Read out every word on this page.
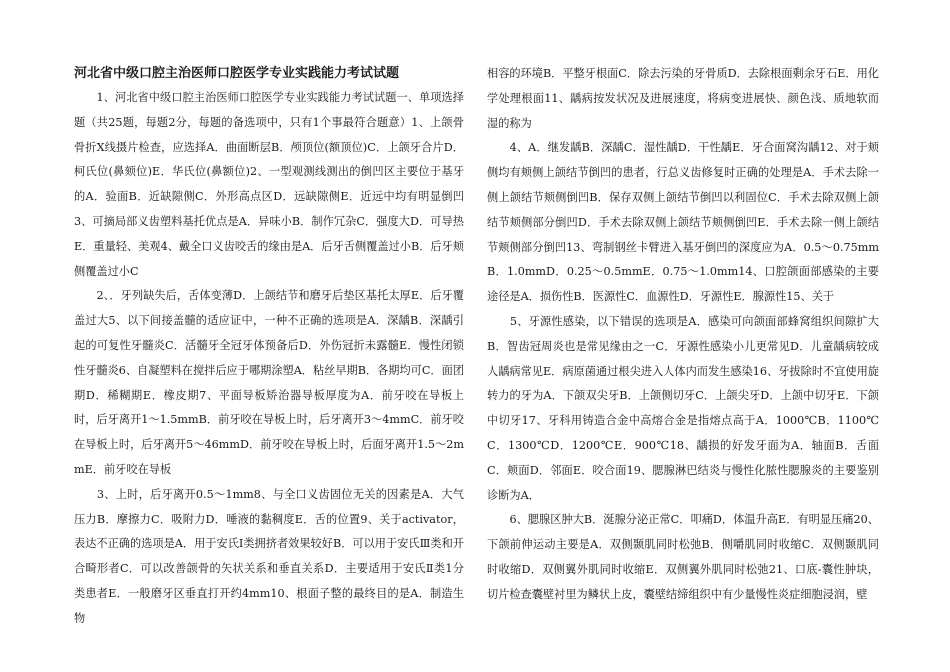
河北省中级口腔主治医师口腔医学专业实践能力考试试题

　　1、河北省中级口腔主治医师口腔医学专业实践能力考试试题一、单项选择题（共25题，每题2分，每题的备选项中，只有1个事最符合题意）1、上颌骨骨折X线摄片检查，应选择A．曲面断层B．颅顶位(额顶位)C．上颌牙合片D．柯氏位(鼻颏位)E．华氏位(鼻额位)2、一型观测线测出的倒凹区主要位于基牙的A．验面B．近缺隙侧C．外形高点区D．远缺隙侧E．近远中均有明显倒凹3、可摘局部义齿塑料基托优点是A．异味小B．制作冗杂C．强度大D．可导热E．重量轻、美观4、戴全口义齿咬舌的缘由是A．后牙舌侧覆盖过小B．后牙颊侧覆盖过小C

　　2、．牙列缺失后，舌体变薄D．上颌结节和磨牙后垫区基托太厚E．后牙覆盖过大5、以下间接盖髓的适应证中，一种不正确的选项是A．深龋B．深龋引起的可复性牙髓炎C．活髓牙全冠牙体预备后D．外伤冠折未露髓E．慢性闭锁性牙髓炎6、自凝塑料在搅拌后应于哪期涂塑A．粘丝早期B．各期均可C．面团期D．稀糊期E．橡皮期7、平面导板矫治器导板厚度为A．前牙咬在导板上时，后牙离开1～1.5mmB．前牙咬在导板上时，后牙离开3～4mmC．前牙咬在导板上时，后牙离开5～46mmD．前牙咬在导板上时，后面牙离开1.5～2mmE．前牙咬在导板

　　3、上时，后牙离开0.5～1mm8、与全口义齿固位无关的因素是A．大气压力B．摩擦力C．吸附力D．唾液的黏稠度E．舌的位置9、关于activator，表达不正确的选项是A．用于安氏Ⅰ类拥挤者效果较好B．可以用于安氏Ⅲ类和开合畸形者C．可以改善颌骨的矢状关系和垂直关系D．主要适用于安氏Ⅱ类1分类患者E．一般磨牙区垂直打开约4mm10、根面子整的最终目的是A．制造生物

相容的环境B．平整牙根面C．除去污染的牙骨质D．去除根面剩余牙石E．用化学处理根面11、龋病按发状况及进展速度，将病变进展快、颜色浅、质地软而湿的称为

　　4、A．继发龋B．深龋C．湿性龋D．干性龋E．牙合面窝沟龋12、对于颊侧均有颊侧上颌结节倒凹的患者，行总义齿修复时正确的处理是A．手术去除一侧上颌结节颊侧倒凹B．保存双侧上颌结节倒凹以利固位C．手术去除双侧上颌结节颊侧部分倒凹D．手术去除双侧上颌结节颊侧倒凹E．手术去除一侧上颌结节颊侧部分倒凹13、弯制钢丝卡臂进入基牙倒凹的深度应为A．0.5～0.75mmB．1.0mmD．0.25～0.5mmE．0.75～1.0mm14、口腔颌面部感染的主要途径是A．损伤性B．医源性C．血源性D．牙源性E．腺源性15、关于

　　5、牙源性感染，以下错误的选项是A．感染可向颌面部蜂窝组织间隙扩大B．智齿冠周炎也是常见缘由之一C．牙源性感染小儿更常见D．儿童龋病较成人龋病常见E．病原菌通过根尖进入人体内而发生感染16、牙拔除时不宜使用旋转力的牙为A．下颌双尖牙B．上颌侧切牙C．上颌尖牙D．上颌中切牙E．下颌中切牙17、牙科用铸造合金中高熔合金是指熔点高于A．1000℃B．1100℃C．1300℃D．1200℃E．900℃18、龋损的好发牙面为A．轴面B．舌面C．颊面D．邻面E．咬合面19、腮腺淋巴结炎与慢性化脓性腮腺炎的主要鉴别诊断为A．

　　6、腮腺区肿大B．涎腺分泌正常C．叩痛D．体温升高E．有明显压痛20、下颌前伸运动主要是A．双侧颞肌同时松弛B．侧嚼肌同时收缩C．双侧颞肌同时收缩D．双侧翼外肌同时收缩E．双侧翼外肌同时松弛21、口底-囊性肿块，切片检查囊壁衬里为鳞状上皮，囊壁结缔组织中有少量慢性炎症细胞浸润，壁
